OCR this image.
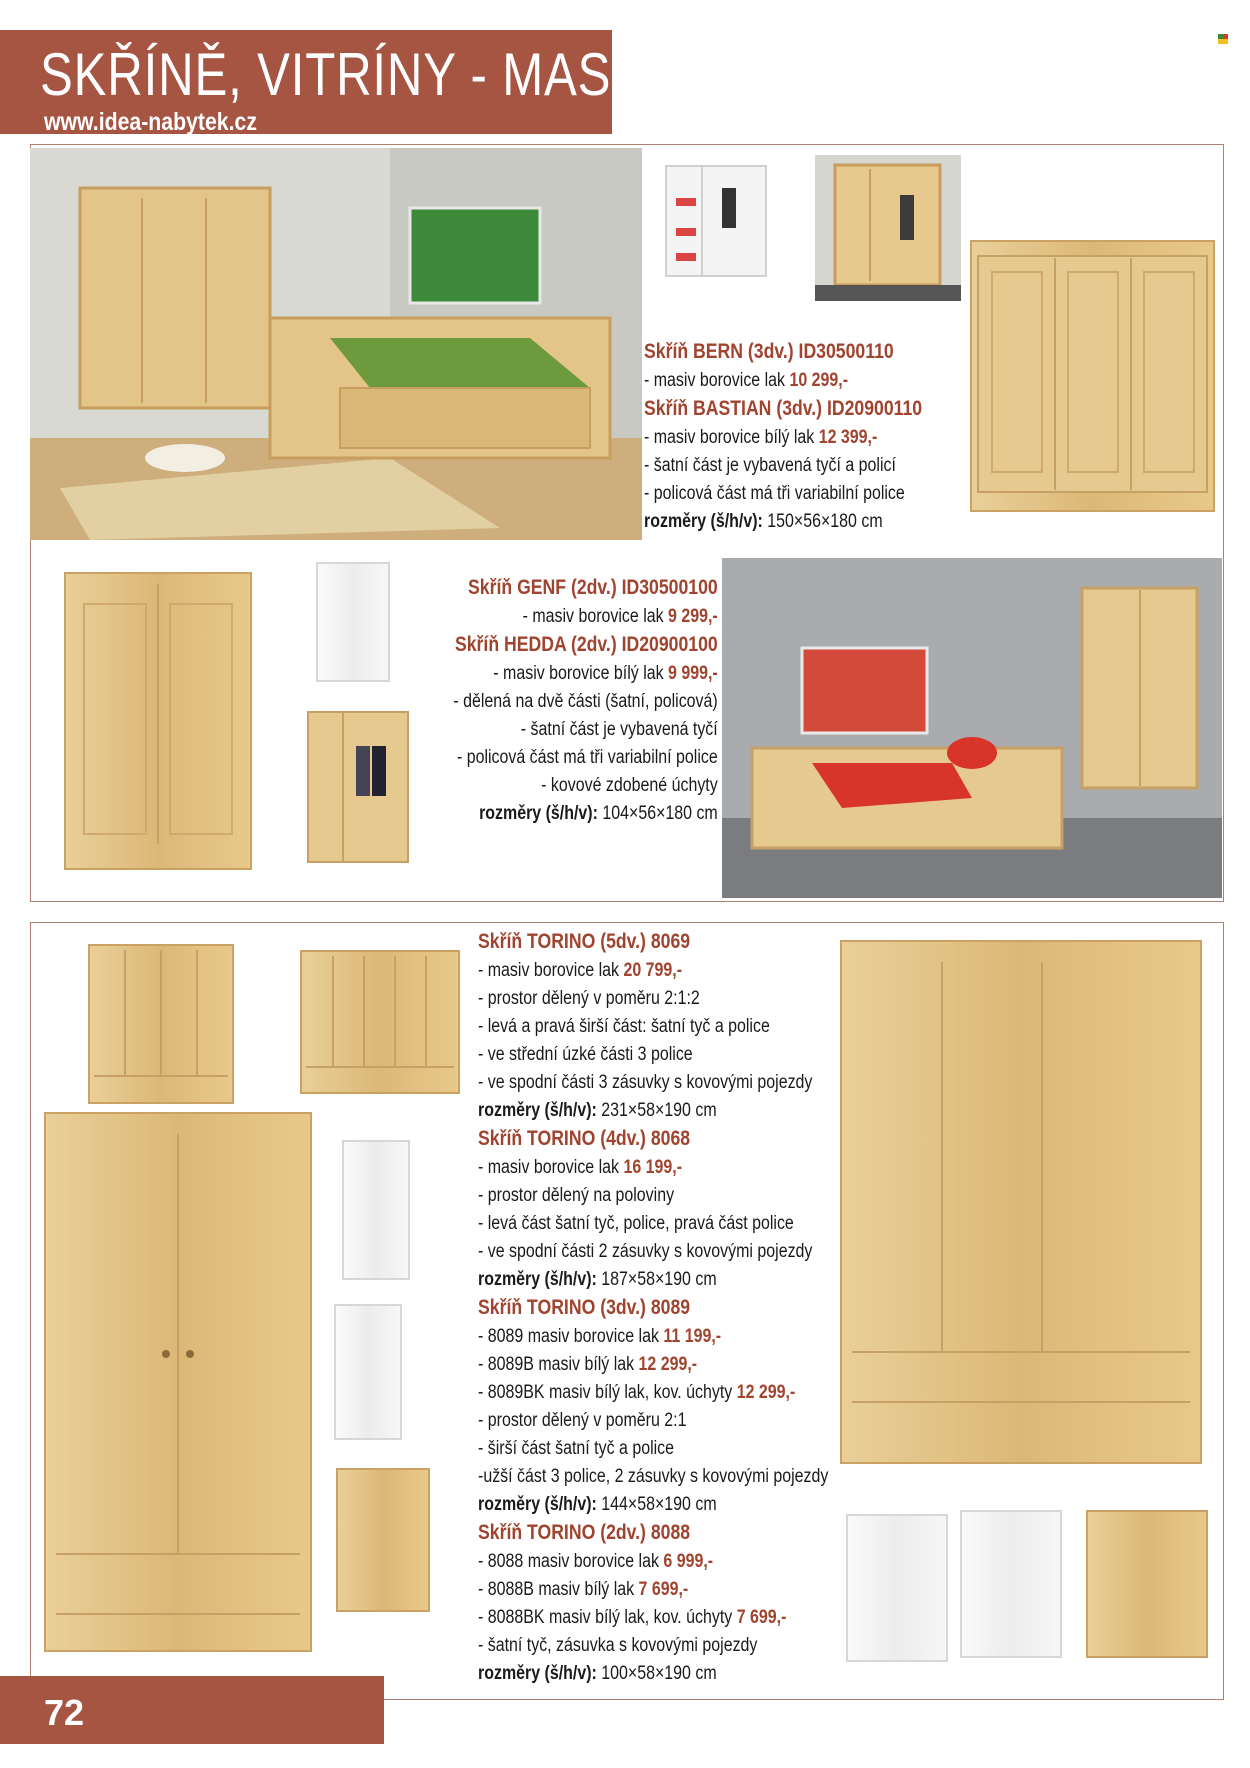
SKŘÍNĚ, VITRÍNY - MASIV
www.idea-nabytek.cz
Skříň BERN (3dv.) ID30500110
- masiv borovice lak 10 299,-
Skříň BASTIAN (3dv.) ID20900110
- masiv borovice bílý lak 12 399,-
- šatní část je vybavená tyčí a policí
- policová část má tři variabilní police
rozměry (š/h/v): 150×56×180 cm
Skříň GENF (2dv.) ID30500100
- masiv borovice lak 9 299,-
Skříň HEDDA (2dv.) ID20900100
- masiv borovice bílý lak 9 999,-
- dělená na dvě části (šatní, policová)
- šatní část je vybavená tyčí
- policová část má tři variabilní police
- kovové zdobené úchyty
rozměry (š/h/v): 104×56×180 cm
Skříň TORINO (5dv.) 8069
- masiv borovice lak 20 799,-
- prostor dělený v poměru 2:1:2
- levá a pravá širší část: šatní tyč a police
- ve střední úzké části 3 police
- ve spodní části 3 zásuvky s kovovými pojezdy
rozměry (š/h/v): 231×58×190 cm
Skříň TORINO (4dv.) 8068
- masiv borovice lak 16 199,-
- prostor dělený na poloviny
- levá část šatní tyč, police, pravá část police
- ve spodní části 2 zásuvky s kovovými pojezdy
rozměry (š/h/v): 187×58×190 cm
Skříň TORINO (3dv.) 8089
- 8089 masiv borovice lak 11 199,-
- 8089B masiv bílý lak 12 299,-
- 8089BK masiv bílý lak, kov. úchyty 12 299,-
- prostor dělený v poměru 2:1
- širší část šatní tyč a police
-užší část 3 police, 2 zásuvky s kovovými pojezdy
rozměry (š/h/v): 144×58×190 cm
Skříň TORINO (2dv.) 8088
- 8088 masiv borovice lak 6 999,-
- 8088B masiv bílý lak 7 699,-
- 8088BK masiv bílý lak, kov. úchyty 7 699,-
- šatní tyč, zásuvka s kovovými pojezdy
rozměry (š/h/v): 100×58×190 cm
72
